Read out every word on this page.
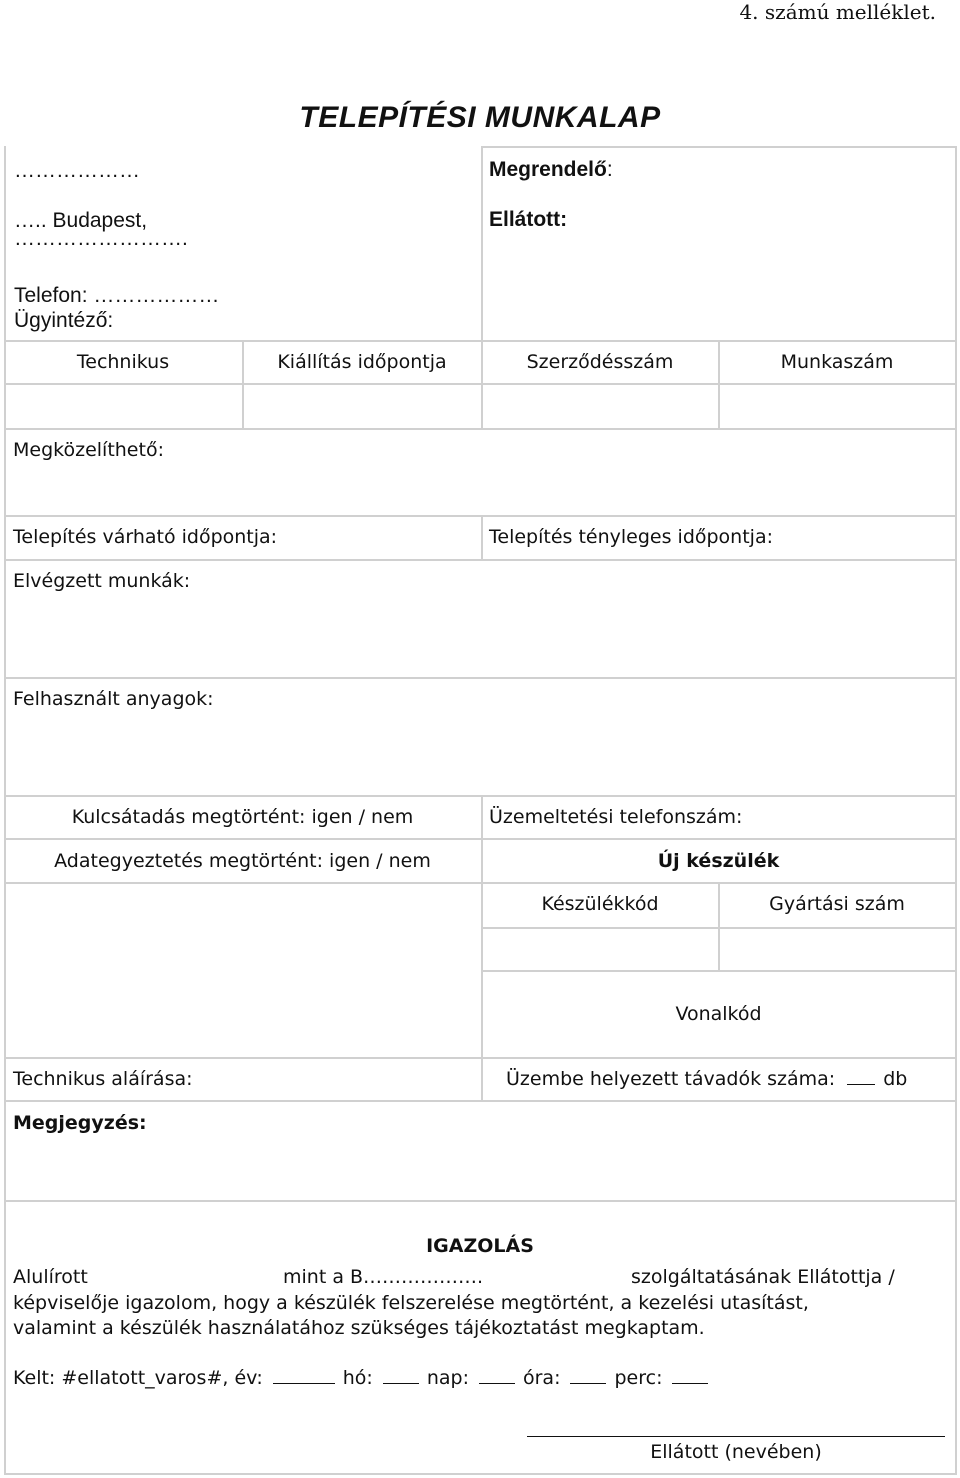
4. számú melléklet.
TELEPÍTÉSI MUNKALAP
………………
….. Budapest,
…………………….
Telefon: ………………
Ügyintéző:
Megrendelő:
Ellátott:
Technikus	Kiállítás időpontja	Szerződésszám	Munkaszám
Megközelíthető:
Telepítés várható időpontja:	Telepítés tényleges időpontja:
Elvégzett munkák:
Felhasznált anyagok:
Kulcsátadás megtörtént: igen / nem	Üzemeltetési telefonszám:
Adategyeztetés megtörtént: igen / nem	Új készülék
Készülékkód	Gyártási szám
Vonalkód
Technikus aláírása:	Üzembe helyezett távadók száma:	db
Megjegyzés:
IGAZOLÁS
Alulírott	mint a B……………….	szolgáltatásának Ellátottja /
képviselője igazolom, hogy a készülék felszerelése megtörtént, a kezelési utasítást,
valamint a készülék használatához szükséges tájékoztatást megkaptam.
Kelt: #ellatott_varos#, év:	hó:	nap:	óra:	perc:
Ellátott (nevében)
